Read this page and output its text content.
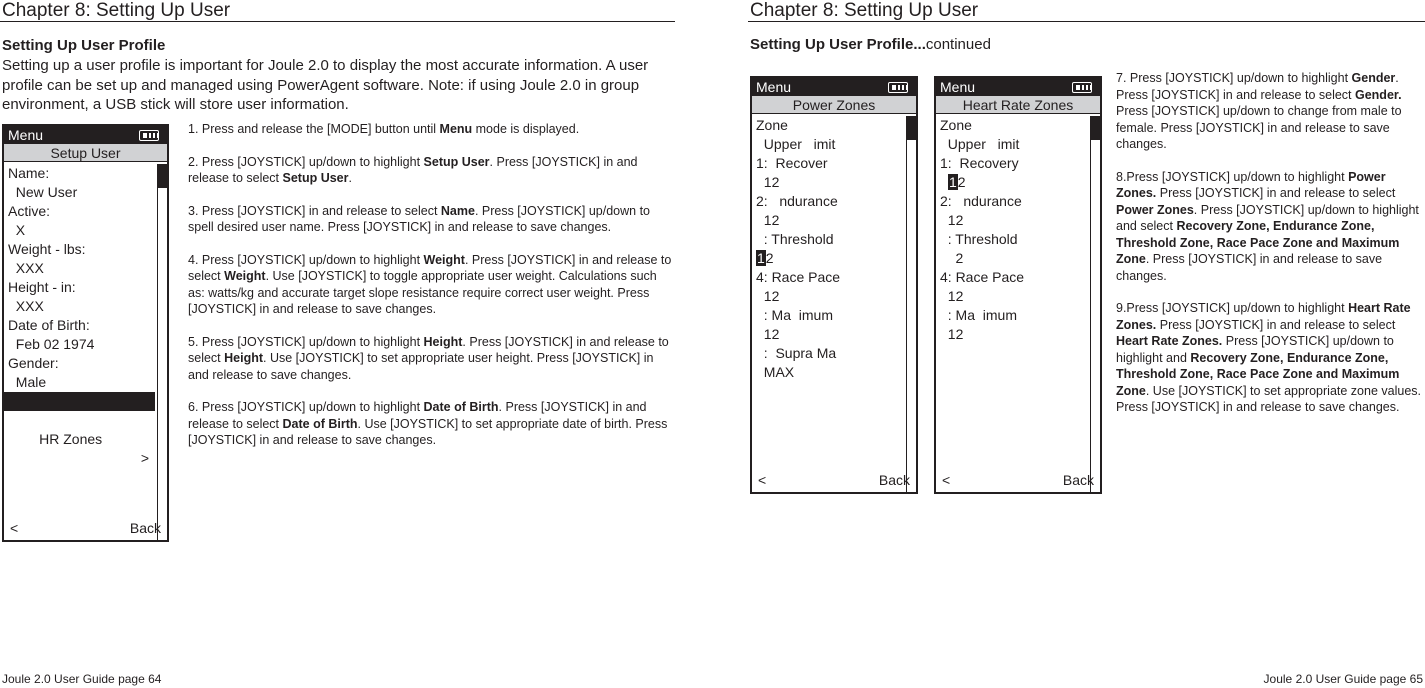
Chapter 8: Setting Up User
Setting Up User Profile
Setting up a user profile is important for Joule 2.0 to display the most accurate information. A user profile can be set up and managed using PowerAgent software. Note: if using Joule 2.0 in group environment, a USB stick will store user information.
Menu
Setup User
Name:
New User
Active:
X
Weight - lbs:
XXX
Height - in:
XXX
Date of Birth:
Feb 02 1974
Gender:
Male

Power Zones

>

HR Zones

>

<	Back

1. Press and release the [MODE] button until Menu mode is displayed.

2. Press [JOYSTICK] up/down to highlight Setup User. Press [JOYSTICK] in and release to select Setup User.

3. Press [JOYSTICK] in and release to select Name. Press [JOYSTICK] up/down to spell desired user name. Press [JOYSTICK] in and release to save changes.

4. Press [JOYSTICK] up/down to highlight Weight. Press [JOYSTICK] in and release to select Weight. Use [JOYSTICK] to toggle appropriate user weight. Calculations such as: watts/kg and accurate target slope resistance require correct user weight. Press [JOYSTICK] in and release to save changes.

5. Press [JOYSTICK] up/down to highlight Height. Press [JOYSTICK] in and release to select Height. Use [JOYSTICK] to set appropriate user height. Press [JOYSTICK] in and release to save changes.

6. Press [JOYSTICK] up/down to highlight Date of Birth. Press [JOYSTICK] in and release to select Date of Birth. Use [JOYSTICK] to set appropriate date of birth. Press [JOYSTICK] in and release to save changes.

Joule 2.0 User Guide page 64
Chapter 8: Setting Up User
Setting Up User Profile...continued
Menu
Power Zones
Zone
Upper   imit
1:  Recover
12
2:   ndurance
12
: Threshold
12
4: Race Pace
12
: Ma  imum
12
:  Supra Ma
MAX
<	Back
Menu
Heart Rate Zones
Zone
Upper   imit
1:  Recovery
12
2:   ndurance
12
: Threshold
2
4: Race Pace
12
: Ma  imum
12
<	Back

7. Press [JOYSTICK] up/down to highlight Gender. Press [JOYSTICK] in and release to select Gender. Press [JOYSTICK] up/down to change from male to female. Press [JOYSTICK] in and release to save changes.

8.Press [JOYSTICK] up/down to highlight Power Zones. Press [JOYSTICK] in and release to select Power Zones. Press [JOYSTICK] up/down to highlight and select Recovery Zone, Endurance Zone, Threshold Zone, Race Pace Zone and Maximum Zone. Press [JOYSTICK] in and release to save changes.

9.Press [JOYSTICK] up/down to highlight Heart Rate Zones. Press [JOYSTICK] in and release to select Heart Rate Zones. Press [JOYSTICK] up/down to highlight and Recovery Zone, Endurance Zone, Threshold Zone, Race Pace Zone and Maximum Zone. Use [JOYSTICK] to set appropriate zone values. Press [JOYSTICK] in and release to save changes.

Joule 2.0 User Guide page 65
